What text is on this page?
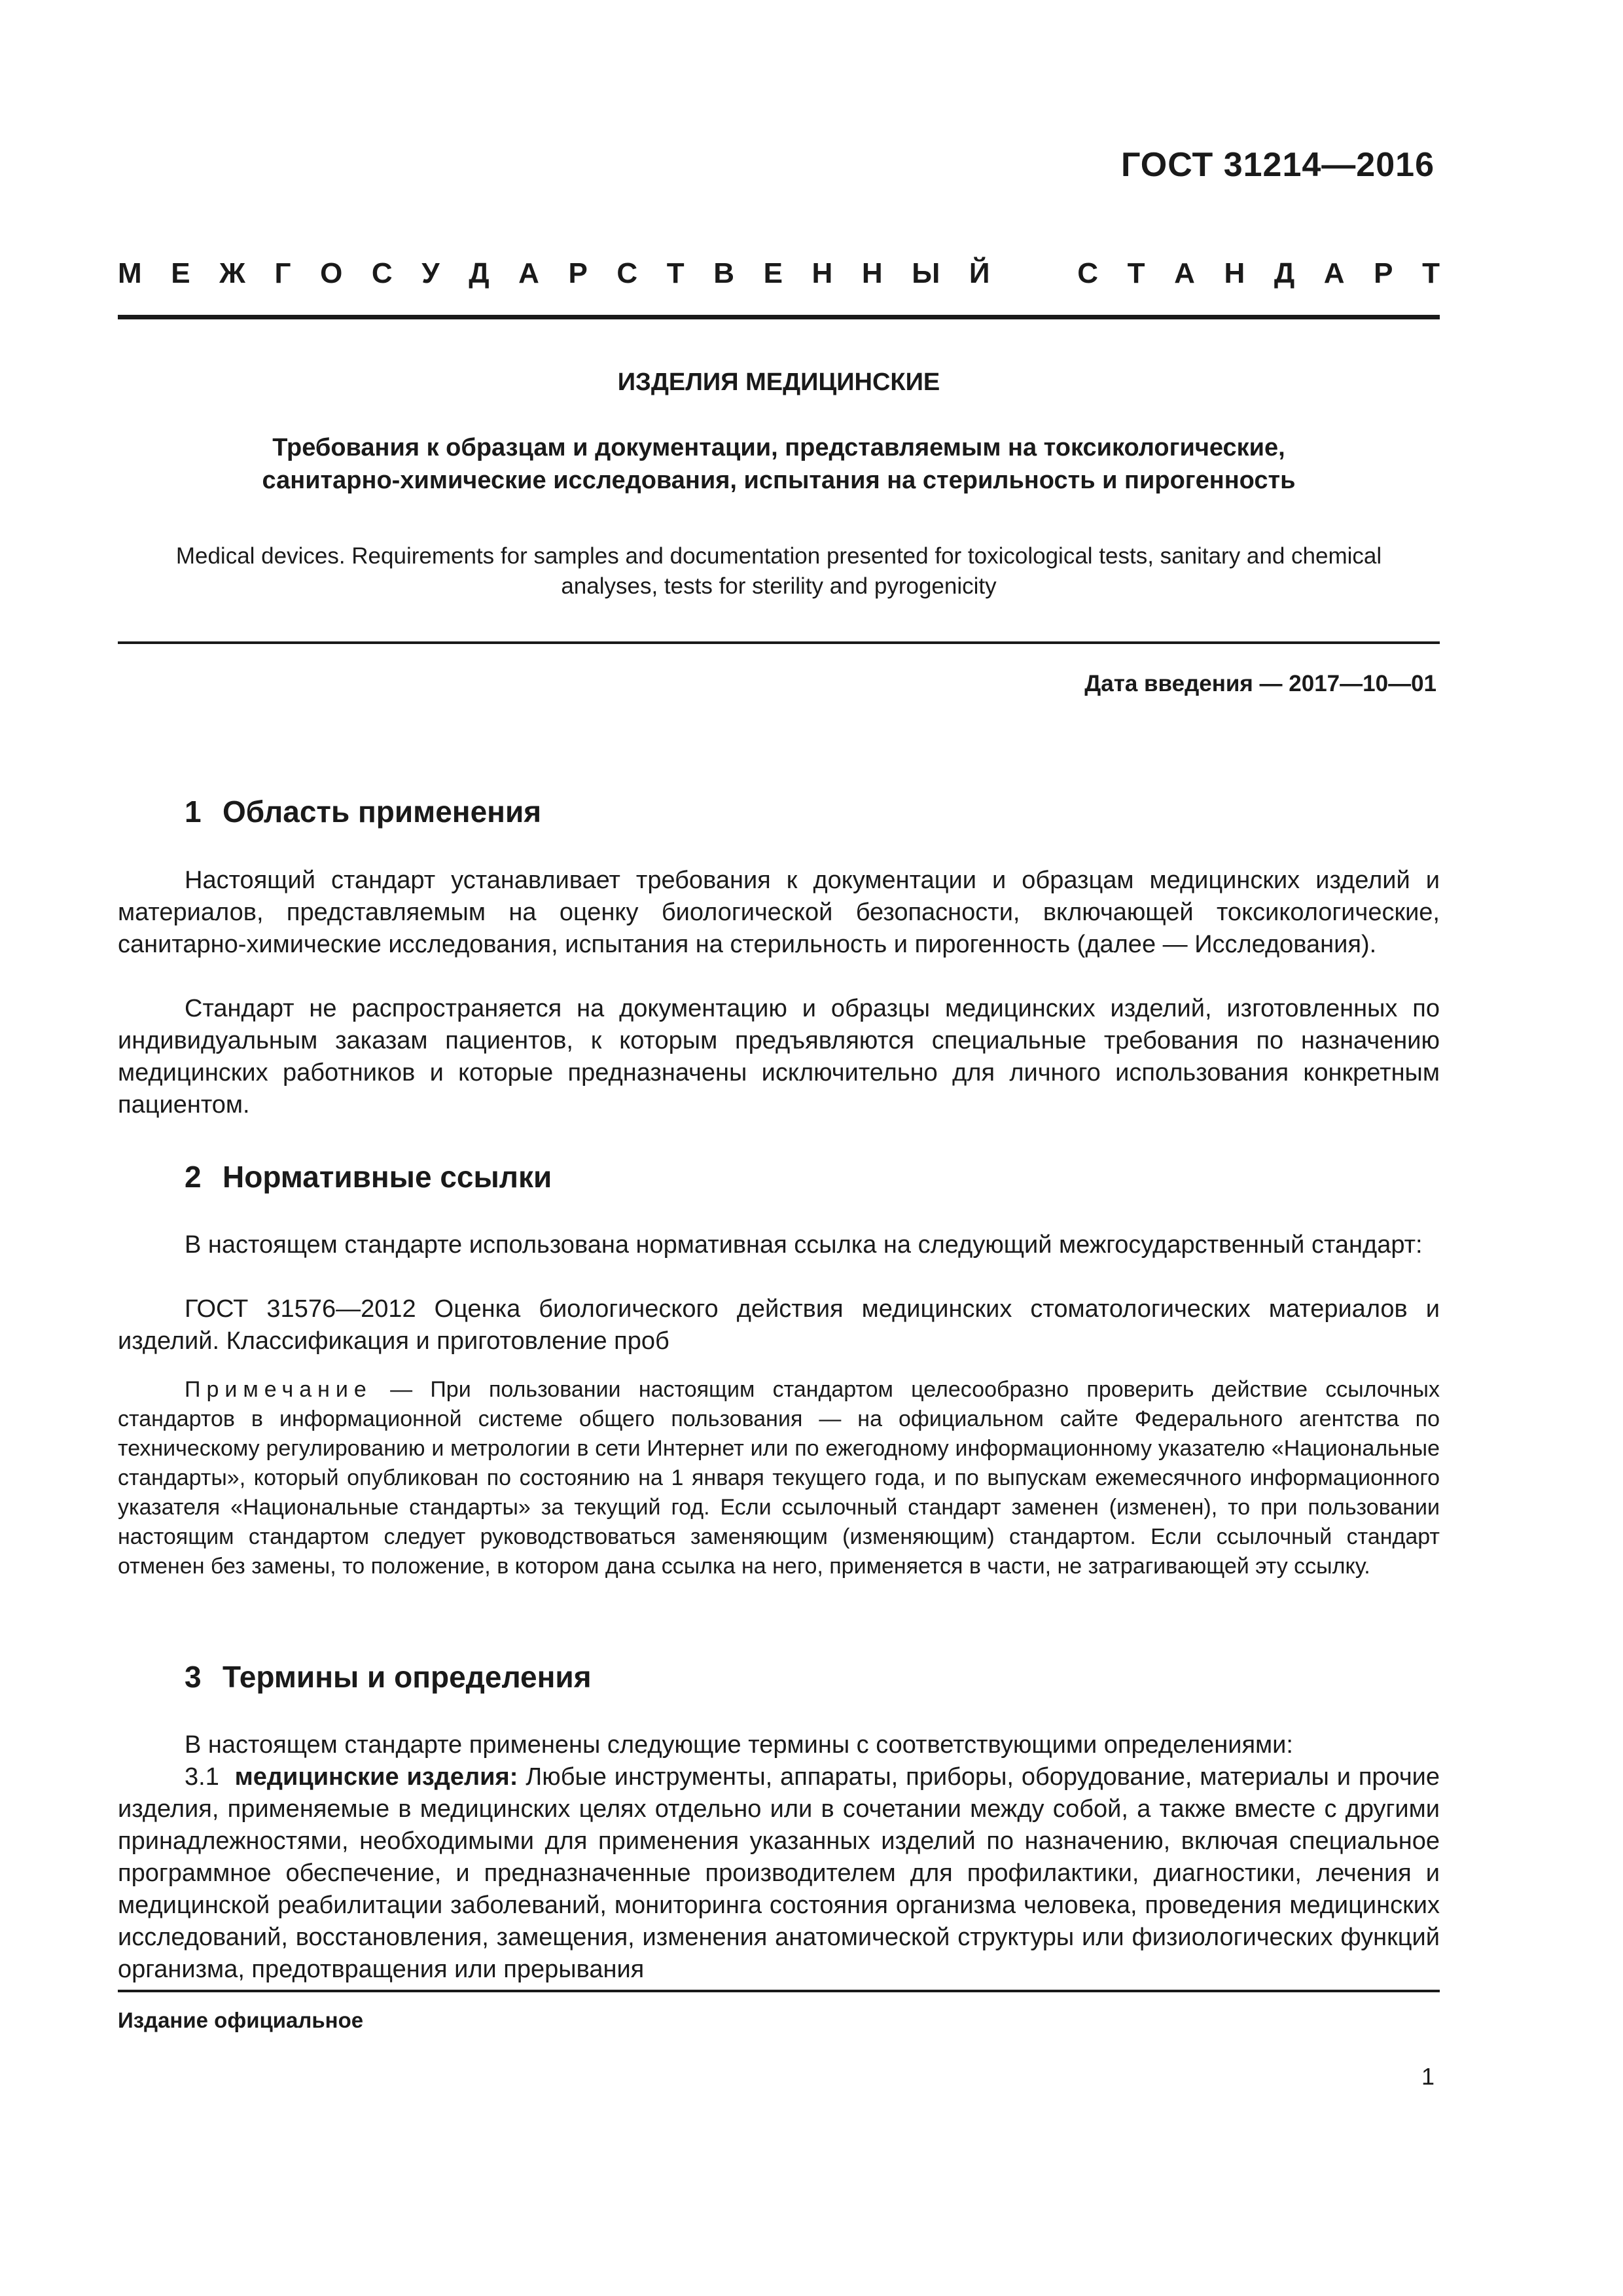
ГОСТ 31214—2016
М Е Ж Г О С У Д А Р С Т В Е Н Н Ы Й	С Т А Н Д А Р Т
ИЗДЕЛИЯ МЕДИЦИНСКИЕ
Требования к образцам и документации, представляемым на токсикологические,
санитарно-химические исследования, испытания на стерильность и пирогенность
Medical devices. Requirements for samples and documentation presented for toxicological tests, sanitary and chemical
analyses, tests for sterility and pyrogenicity
Дата введения — 2017—10—01
1 Область применения

Настоящий стандарт устанавливает требования к документации и образцам медицинских изделий и материалов, представляемым на оценку биологической безопасности, включающей токсикологические, санитарно-химические исследования, испытания на стерильность и пирогенность (далее — Исследования).

Стандарт не распространяется на документацию и образцы медицинских изделий, изготовленных по индивидуальным заказам пациентов, к которым предъявляются специальные требования по назначению медицинских работников и которые предназначены исключительно для личного использования конкретным пациентом.

2 Нормативные ссылки

В настоящем стандарте использована нормативная ссылка на следующий межгосударственный стандарт:

ГОСТ 31576—2012 Оценка биологического действия медицинских стоматологических материалов и изделий. Классификация и приготовление проб

Примечание — При пользовании настоящим стандартом целесообразно проверить действие ссылочных стандартов в информационной системе общего пользования — на официальном сайте Федерального агентства по техническому регулированию и метрологии в сети Интернет или по ежегодному информационному указателю «Национальные стандарты», который опубликован по состоянию на 1 января текущего года, и по выпускам ежемесячного информационного указателя «Национальные стандарты» за текущий год. Если ссылочный стандарт заменен (изменен), то при пользовании настоящим стандартом следует руководствоваться заменяющим (изменяющим) стандартом. Если ссылочный стандарт отменен без замены, то положение, в котором дана ссылка на него, применяется в части, не затрагивающей эту ссылку.

3 Термины и определения

В настоящем стандарте применены следующие термины с соответствующими определениями:

3.1 медицинские изделия: Любые инструменты, аппараты, приборы, оборудование, материалы и прочие изделия, применяемые в медицинских целях отдельно или в сочетании между собой, а также вместе с другими принадлежностями, необходимыми для применения указанных изделий по назначению, включая специальное программное обеспечение, и предназначенные производителем для профилактики, диагностики, лечения и медицинской реабилитации заболеваний, мониторинга состояния организма человека, проведения медицинских исследований, восстановления, замещения, изменения анатомической структуры или физиологических функций организма, предотвращения или прерывания

Издание официальное
1
